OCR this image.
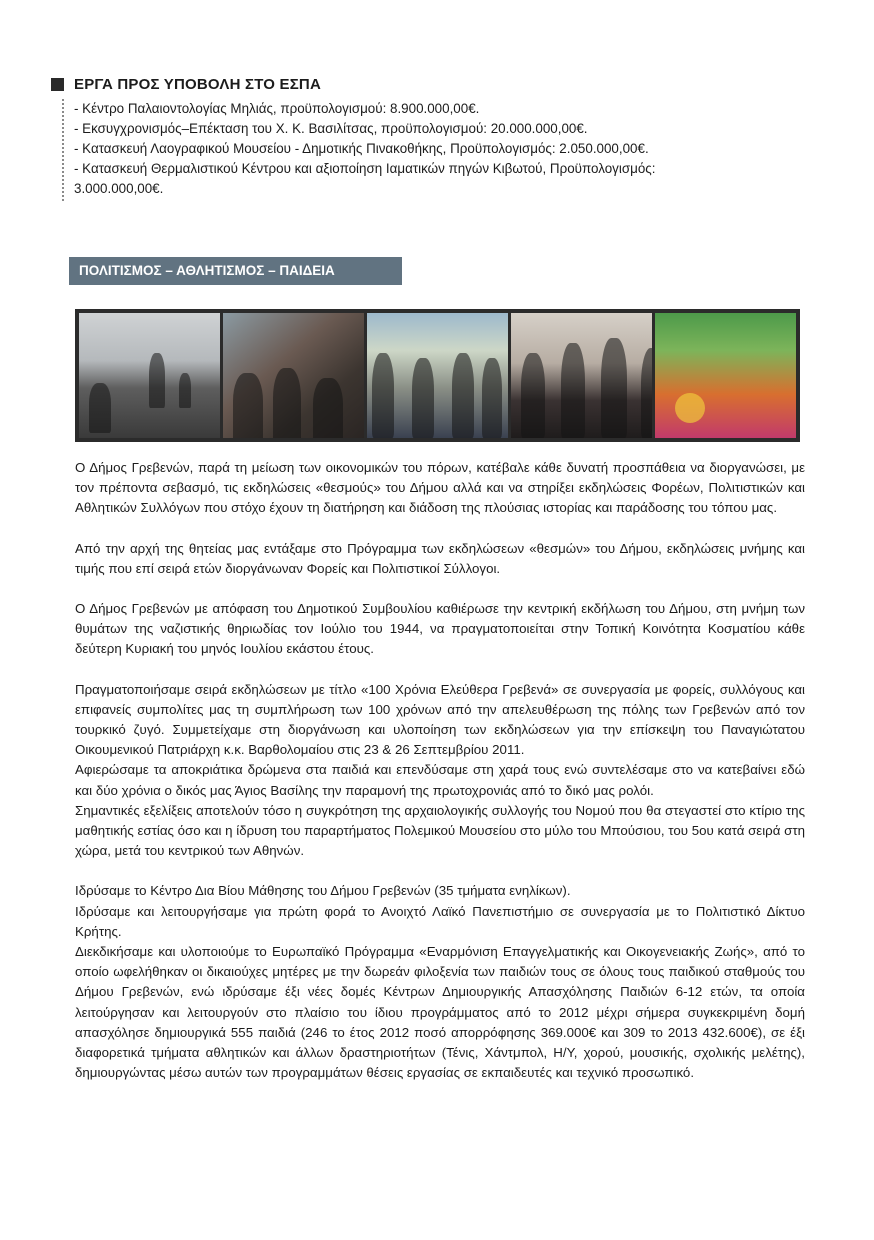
ΕΡΓΑ ΠΡΟΣ ΥΠΟΒΟΛΗ ΣΤΟ ΕΣΠΑ
- Κέντρο Παλαιοντολογίας Μηλιάς, προϋπολογισμού: 8.900.000,00€.
- Εκσυγχρονισμός–Επέκταση του Χ. Κ. Βασιλίτσας, προϋπολογισμού: 20.000.000,00€.
- Κατασκευή Λαογραφικού Μουσείου - Δημοτικής Πινακοθήκης, Προϋπολογισμός: 2.050.000,00€.
- Κατασκευή Θερμαλιστικού Κέντρου και αξιοποίηση Ιαματικών πηγών Κιβωτού, Προϋπολογισμός:
3.000.000,00€.
ΠΟΛΙΤΙΣΜΟΣ – ΑΘΛΗΤΙΣΜΟΣ – ΠΑΙΔΕΙΑ

Ο Δήμος Γρεβενών, παρά τη μείωση των οικονομικών του πόρων, κατέβαλε κάθε δυνατή προσπάθεια να διοργανώσει, με τον πρέποντα σεβασμό, τις εκδηλώσεις «θεσμούς» του Δήμου αλλά και να στηρίξει εκδηλώσεις Φορέων, Πολιτιστικών και Αθλητικών Συλλόγων που στόχο έχουν τη διατήρηση και διάδοση της πλούσιας ιστορίας και παράδοσης του τόπου μας.

Από την αρχή της θητείας μας εντάξαμε στο Πρόγραμμα των εκδηλώσεων «θεσμών» του Δήμου, εκδηλώσεις μνήμης και τιμής που επί σειρά ετών διοργάνωναν Φορείς και Πολιτιστικοί Σύλλογοι.

Ο Δήμος Γρεβενών με απόφαση του Δημοτικού Συμβουλίου καθιέρωσε την κεντρική εκδήλωση του Δήμου, στη μνήμη των θυμάτων της ναζιστικής θηριωδίας τον Ιούλιο του 1944, να πραγματοποιείται στην Τοπική Κοινότητα Κοσματίου κάθε δεύτερη Κυριακή του μηνός Ιουλίου εκάστου έτους.

Πραγματοποιήσαμε σειρά εκδηλώσεων με τίτλο «100 Χρόνια Ελεύθερα Γρεβενά» σε συνεργασία με φορείς, συλλόγους και επιφανείς συμπολίτες μας τη συμπλήρωση των 100 χρόνων από την απελευθέρωση της πόλης των Γρεβενών από τον τουρκικό ζυγό. Συμμετείχαμε στη διοργάνωση και υλοποίηση των εκδηλώσεων για την επίσκεψη του Παναγιώτατου Οικουμενικού Πατριάρχη κ.κ. Βαρθολομαίου στις 23 & 26 Σεπτεμβρίου 2011.

Αφιερώσαμε τα αποκριάτικα δρώμενα στα παιδιά και επενδύσαμε στη χαρά τους ενώ συντελέσαμε στο να κατεβαίνει εδώ και δύο χρόνια ο δικός μας Άγιος Βασίλης την παραμονή της πρωτοχρονιάς από το δικό μας ρολόι.

Σημαντικές εξελίξεις αποτελούν τόσο η συγκρότηση της αρχαιολογικής συλλογής του Νομού που θα στεγαστεί στο κτίριο της μαθητικής εστίας όσο και η ίδρυση του παραρτήματος Πολεμικού Μουσείου στο μύλο του Μπούσιου, του 5ου κατά σειρά στη χώρα, μετά του κεντρικού των Αθηνών.

Ιδρύσαμε το Κέντρο Δια Βίου Μάθησης του Δήμου Γρεβενών (35 τμήματα ενηλίκων).

Ιδρύσαμε και λειτουργήσαμε για πρώτη φορά το Ανοιχτό Λαϊκό Πανεπιστήμιο σε συνεργασία με το Πολιτιστικό Δίκτυο Κρήτης.

Διεκδικήσαμε και υλοποιούμε το Ευρωπαϊκό Πρόγραμμα «Εναρμόνιση Επαγγελματικής και Οικογενειακής Ζωής», από το οποίο ωφελήθηκαν οι δικαιούχες μητέρες με την δωρεάν φιλοξενία των παιδιών τους σε όλους τους παιδικού σταθμούς του Δήμου Γρεβενών, ενώ ιδρύσαμε έξι νέες δομές Κέντρων Δημιουργικής Απασχόλησης Παιδιών 6-12 ετών, τα οποία λειτούργησαν και λειτουργούν στο πλαίσιο του ίδιου προγράμματος από το 2012 μέχρι σήμερα συγκεκριμένη δομή απασχόλησε δημιουργικά 555 παιδιά (246 το έτος 2012 ποσό απορρόφησης 369.000€ και 309 το 2013 432.600€), σε έξι διαφορετικά τμήματα αθλητικών και άλλων δραστηριοτήτων (Τένις, Χάντμπολ, Η/Υ, χορού, μουσικής, σχολικής μελέτης), δημιουργώντας μέσω αυτών των προγραμμάτων θέσεις εργασίας σε εκπαιδευτές και τεχνικό προσωπικό.
